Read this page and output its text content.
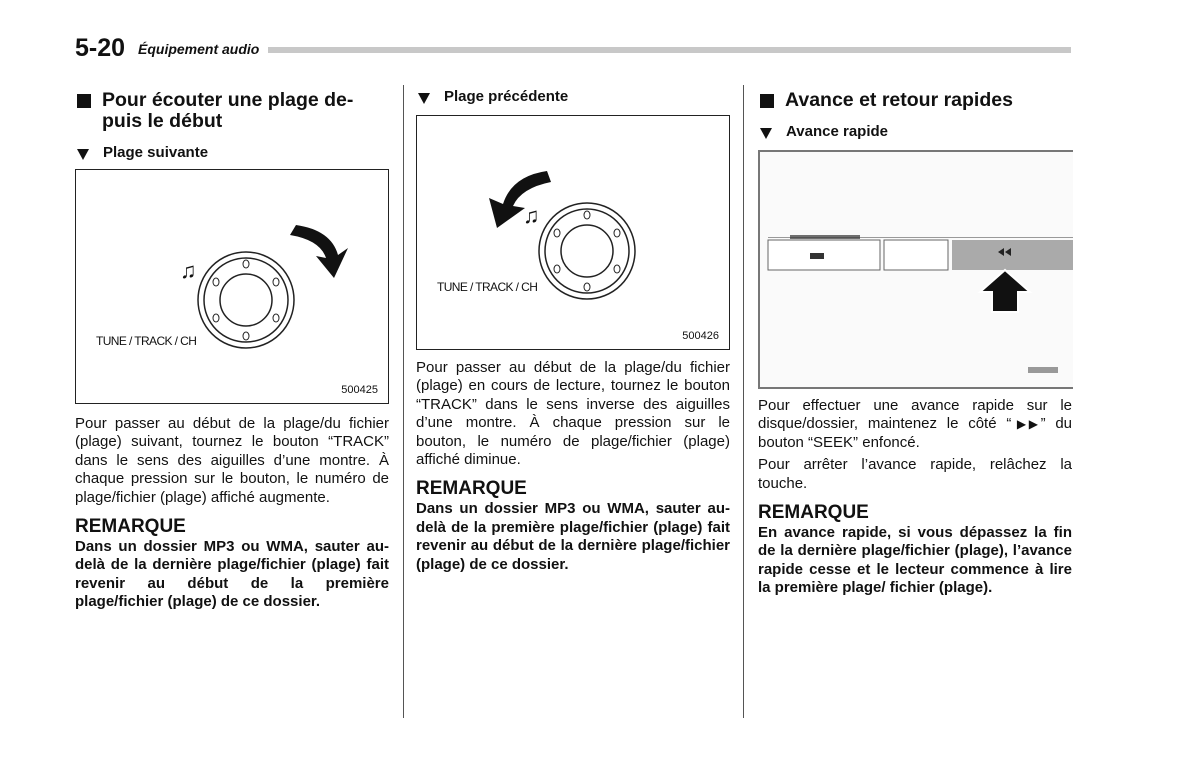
5-20 Équipement audio
Pour écouter une plage de-
puis le début
Plage suivante
♫
TUNE / TRACK / CH
500425

Pour passer au début de la plage/du fichier (plage) suivant, tournez le bouton “TRACK” dans le sens des aiguilles d’une montre. À chaque pression sur le bouton, le numéro de plage/fichier (plage) affiché augmente.

REMARQUE

Dans un dossier MP3 ou WMA, sauter au-delà de la dernière plage/fichier (plage) fait revenir au début de la première plage/fichier (plage) de ce dossier.

Plage précédente
♫
TUNE / TRACK / CH
500426

Pour passer au début de la plage/du fichier (plage) en cours de lecture, tournez le bouton “TRACK” dans le sens inverse des aiguilles d’une montre. À chaque pression sur le bouton, le numéro de plage/fichier (plage) affiché diminue.

REMARQUE

Dans un dossier MP3 ou WMA, sauter au-delà de la première plage/fichier (plage) fait revenir au début de la dernière plage/fichier (plage) de ce dossier.

Avance et retour rapides
Avance rapide

Pour effectuer une avance rapide sur le disque/dossier, maintenez le côté “▶▶” du bouton “SEEK” enfoncé.

Pour arrêter l’avance rapide, relâchez la touche.

REMARQUE

En avance rapide, si vous dépassez la fin de la dernière plage/fichier (plage), l’avance rapide cesse et le lecteur commence à lire la première plage/ fichier (plage).
